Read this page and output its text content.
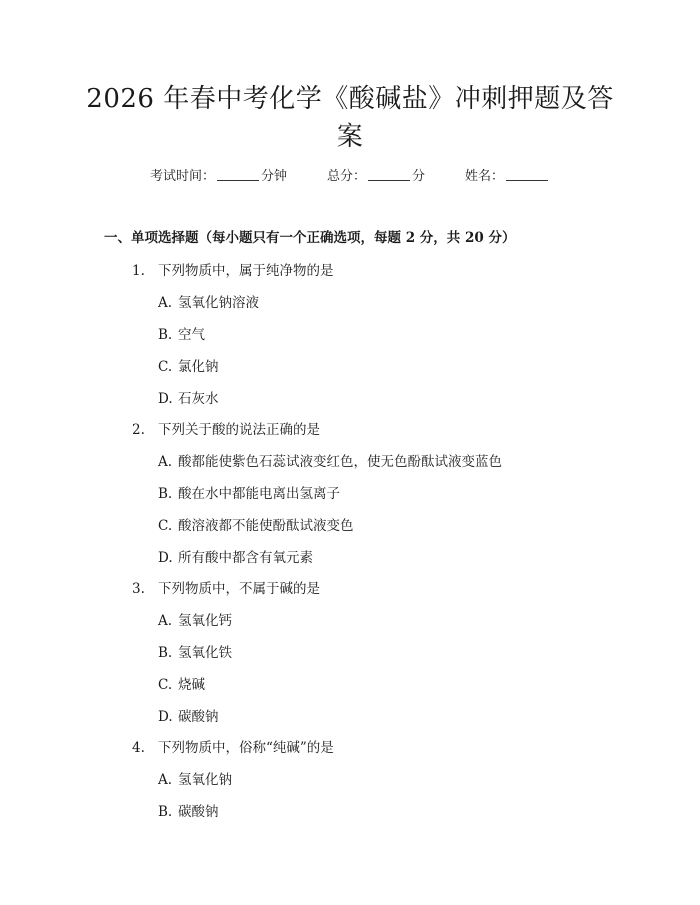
2026 年春中考化学《酸碱盐》冲刺押题及答案
考试时间：	分钟	总分：	分	姓名：
一、单项选择题（每小题只有一个正确选项，每题 2 分，共 20 分）
1. 下列物质中，属于纯净物的是
A. 氢氧化钠溶液
B. 空气
C. 氯化钠
D. 石灰水
2. 下列关于酸的说法正确的是
A. 酸都能使紫色石蕊试液变红色，使无色酚酞试液变蓝色
B. 酸在水中都能电离出氢离子
C. 酸溶液都不能使酚酞试液变色
D. 所有酸中都含有氧元素
3. 下列物质中，不属于碱的是
A. 氢氧化钙
B. 氢氧化铁
C. 烧碱
D. 碳酸钠
4. 下列物质中，俗称“纯碱”的是
A. 氢氧化钠
B. 碳酸钠
